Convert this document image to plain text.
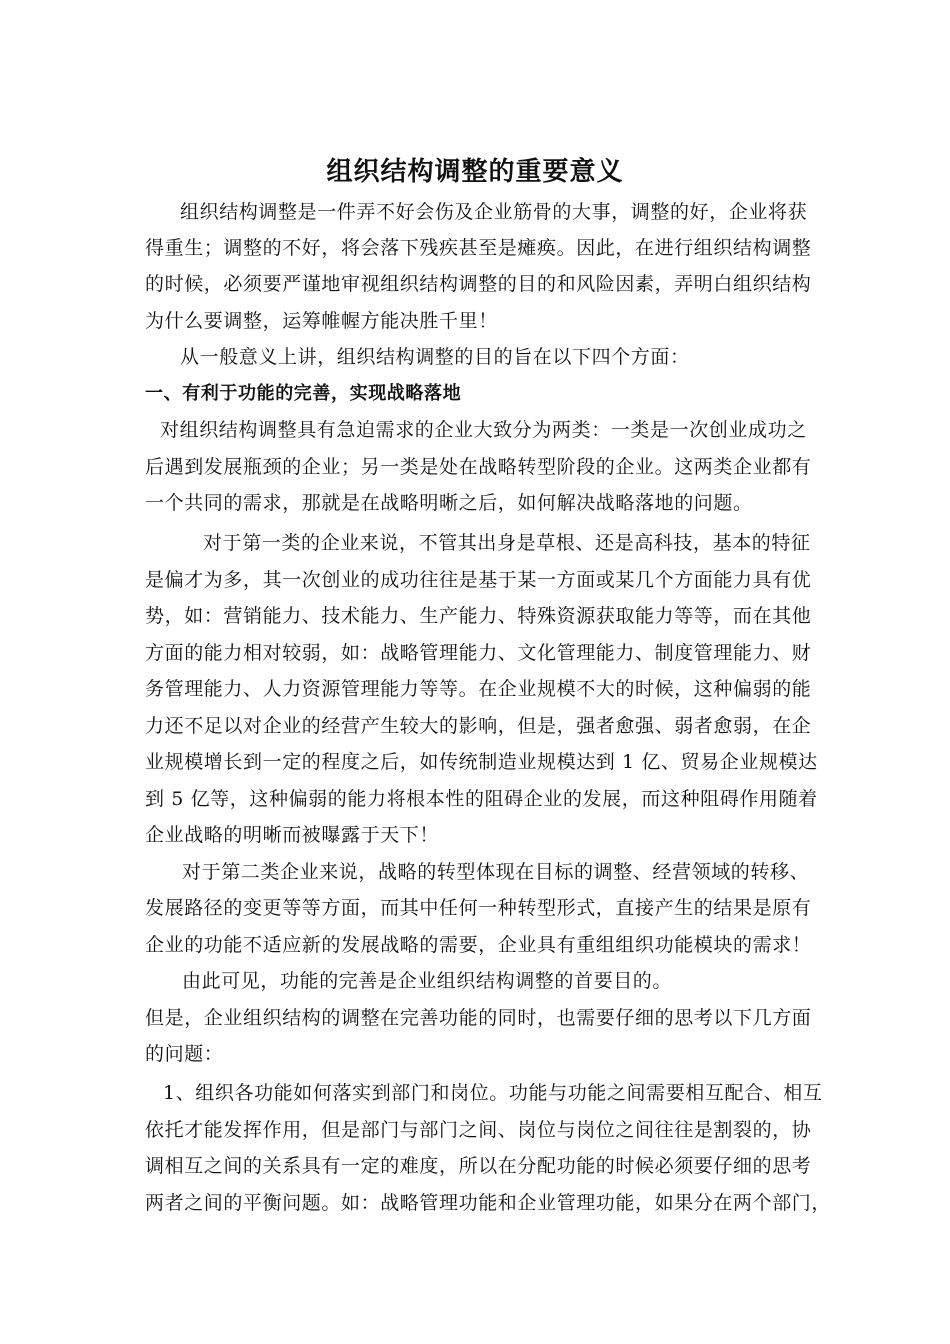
组织结构调整的重要意义
组织结构调整是一件弄不好会伤及企业筋骨的大事，调整的好，企业将获
得重生；调整的不好，将会落下残疾甚至是瘫痪。因此，在进行组织结构调整
的时候，必须要严谨地审视组织结构调整的目的和风险因素，弄明白组织结构
为什么要调整，运筹帷幄方能决胜千里！
从一般意义上讲，组织结构调整的目的旨在以下四个方面：
一、有利于功能的完善，实现战略落地
对组织结构调整具有急迫需求的企业大致分为两类：一类是一次创业成功之
后遇到发展瓶颈的企业；另一类是处在战略转型阶段的企业。这两类企业都有
一个共同的需求，那就是在战略明晰之后，如何解决战略落地的问题。
对于第一类的企业来说，不管其出身是草根、还是高科技，基本的特征
是偏才为多，其一次创业的成功往往是基于某一方面或某几个方面能力具有优
势，如：营销能力、技术能力、生产能力、特殊资源获取能力等等，而在其他
方面的能力相对较弱，如：战略管理能力、文化管理能力、制度管理能力、财
务管理能力、人力资源管理能力等等。在企业规模不大的时候，这种偏弱的能
力还不足以对企业的经营产生较大的影响，但是，强者愈强、弱者愈弱，在企
业规模增长到一定的程度之后，如传统制造业规模达到 1 亿、贸易企业规模达
到 5 亿等，这种偏弱的能力将根本性的阻碍企业的发展，而这种阻碍作用随着
企业战略的明晰而被曝露于天下！
对于第二类企业来说，战略的转型体现在目标的调整、经营领域的转移、
发展路径的变更等等方面，而其中任何一种转型形式，直接产生的结果是原有
企业的功能不适应新的发展战略的需要，企业具有重组组织功能模块的需求！
由此可见，功能的完善是企业组织结构调整的首要目的。
但是，企业组织结构的调整在完善功能的同时，也需要仔细的思考以下几方面
的问题：
1、组织各功能如何落实到部门和岗位。功能与功能之间需要相互配合、相互
依托才能发挥作用，但是部门与部门之间、岗位与岗位之间往往是割裂的，协
调相互之间的关系具有一定的难度，所以在分配功能的时候必须要仔细的思考
两者之间的平衡问题。如：战略管理功能和企业管理功能，如果分在两个部门，
